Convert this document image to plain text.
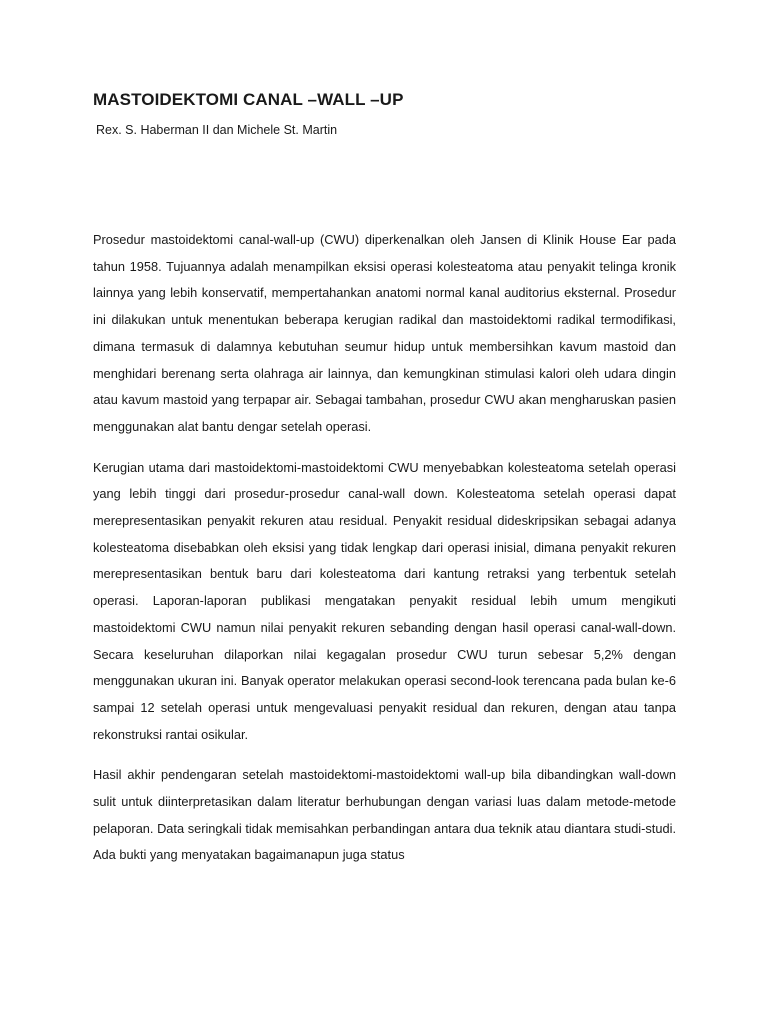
MASTOIDEKTOMI CANAL –WALL –UP
Rex. S. Haberman II dan Michele St. Martin

Prosedur mastoidektomi canal-wall-up (CWU) diperkenalkan oleh Jansen di Klinik House Ear pada tahun 1958. Tujuannya adalah menampilkan eksisi operasi kolesteatoma atau penyakit telinga kronik lainnya yang lebih konservatif, mempertahankan anatomi normal kanal auditorius eksternal. Prosedur ini dilakukan untuk menentukan beberapa kerugian radikal dan mastoidektomi radikal termodifikasi, dimana termasuk di dalamnya kebutuhan seumur hidup untuk membersihkan kavum mastoid dan menghidari berenang serta olahraga air lainnya, dan kemungkinan stimulasi kalori oleh udara dingin atau kavum mastoid yang terpapar air. Sebagai tambahan, prosedur CWU akan mengharuskan pasien menggunakan alat bantu dengar setelah operasi.

Kerugian utama dari mastoidektomi-mastoidektomi CWU menyebabkan kolesteatoma setelah operasi yang lebih tinggi dari prosedur-prosedur canal-wall down. Kolesteatoma setelah operasi dapat merepresentasikan penyakit rekuren atau residual. Penyakit residual dideskripsikan sebagai adanya kolesteatoma disebabkan oleh eksisi yang tidak lengkap dari operasi inisial, dimana penyakit rekuren merepresentasikan bentuk baru dari kolesteatoma dari kantung retraksi yang terbentuk setelah operasi. Laporan-laporan publikasi mengatakan penyakit residual lebih umum mengikuti mastoidektomi CWU namun nilai penyakit rekuren sebanding dengan hasil operasi canal-wall-down. Secara keseluruhan dilaporkan nilai kegagalan prosedur CWU turun sebesar 5,2% dengan menggunakan ukuran ini. Banyak operator melakukan operasi second-look terencana pada bulan ke-6 sampai 12 setelah operasi untuk mengevaluasi penyakit residual dan rekuren, dengan atau tanpa rekonstruksi rantai osikular.

Hasil akhir pendengaran setelah mastoidektomi-mastoidektomi wall-up bila dibandingkan wall-down sulit untuk diinterpretasikan dalam literatur berhubungan dengan variasi luas dalam metode-metode pelaporan. Data seringkali tidak memisahkan perbandingan antara dua teknik atau diantara studi-studi. Ada bukti yang menyatakan bagaimanapun juga status
